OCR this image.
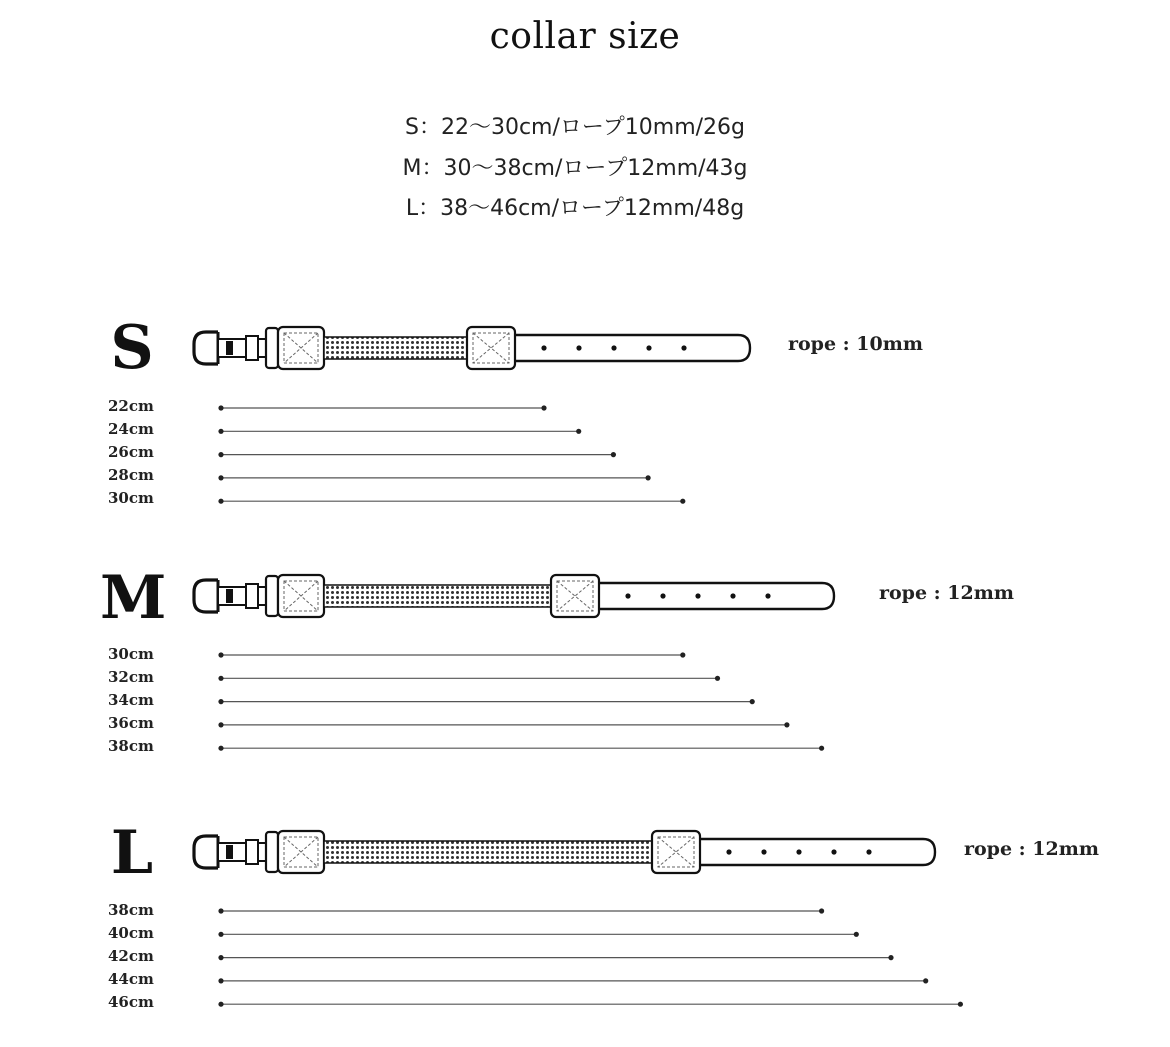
collar size
S：22〜30cm/ロープ10mm/26g
M：30〜38cm/ロープ12mm/43g
L：38〜46cm/ロープ12mm/48g
S	rope : 10mm
22cm
24cm
26cm
28cm
30cm
M	rope : 12mm
30cm
32cm
34cm
36cm
38cm
L	rope : 12mm
38cm
40cm
42cm
44cm
46cm
